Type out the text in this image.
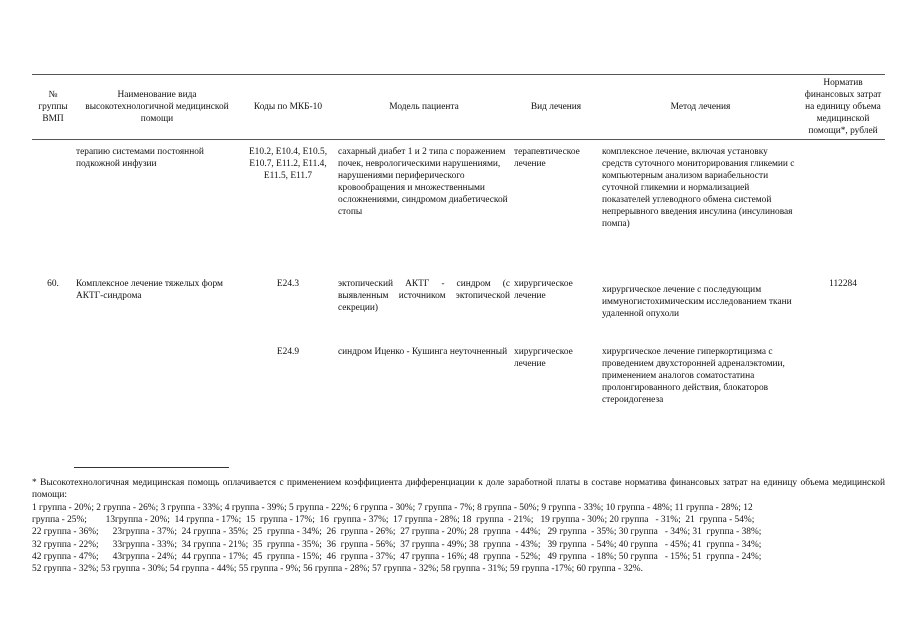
№ группы ВМП	Наименование вида высокотехнологичной медицинской помощи	Коды по МКБ-10	Модель пациента	Вид лечения	Метод лечения	Норматив финансовых затрат на единицу объема медицинской помощи*, рублей
	терапию системами постоянной подкожной инфузии	E10.2, E10.4, E10.5, E10.7, E11.2, E11.4, E11.5, E11.7	сахарный диабет 1 и 2 типа с поражением почек, неврологическими нарушениями, нарушениями периферического кровообращения и множественными осложнениями, синдромом диабетической стопы	терапевтическое лечение	комплексное лечение, включая установку средств суточного мониторирования гликемии с компьютерным анализом вариабельности суточной гликемии и нормализацией показателей углеводного обмена системой непрерывного введения инсулина (инсулиновая помпа)	
60.	Комплексное лечение тяжелых форм АКТГ-синдрома	E24.3	эктопический АКТГ - синдром (с выявленным источником эктопической секреции)	хирургическое лечение	хирургическое лечение с последующим иммуногистохимическим исследованием ткани удаленной опухоли	112284
		E24.9	синдром Иценко - Кушинга неуточненный	хирургическое лечение	хирургическое лечение гиперкортицизма с проведением двухсторонней адреналэктомии, применением аналогов соматостатина пролонгированного действия, блокаторов стероидогенеза	
* Высокотехнологичная медицинская помощь оплачивается с применением коэффициента дифференциации к доле заработной платы в составе норматива финансовых затрат на единицу объема медицинской помощи:
1 группа - 20%; 2 группа - 26%; 3 группа - 33%; 4 группа - 39%; 5 группа - 22%; 6 группа - 30%; 7 группа - 7%; 8 группа - 50%; 9 группа - 33%; 10 группа - 48%; 11 группа - 28%; 12
группа - 25%;        13группа - 20%;  14 группа - 17%;  15  группа - 17%;  16  группа - 37%;  17 группа - 28%; 18  группа  - 21%;   19 группа - 30%; 20 группа   - 31%;  21  группа - 54%;
22 группа - 36%;      23группа - 37%;  24 группа - 35%;  25  группа - 34%;  26  группа - 26%;  27 группа - 20%; 28  группа  - 44%;   29 группа  - 35%; 30 группа   - 34%; 31  группа - 38%;
32 группа - 22%;      33группа - 33%;  34 группа - 21%;  35  группа - 35%;  36  группа - 56%;  37 группа - 49%; 38  группа  - 43%;   39 группа  - 54%; 40 группа   - 45%; 41  группа - 34%;
42 группа - 47%;      43группа - 24%;  44 группа - 17%;  45  группа - 15%;  46  группа - 37%;  47 группа - 16%; 48  группа  - 52%;   49 группа  - 18%; 50 группа   - 15%; 51  группа - 24%;
52 группа - 32%; 53 группа - 30%; 54 группа - 44%; 55 группа - 9%; 56 группа - 28%; 57 группа - 32%; 58 группа - 31%; 59 группа -17%; 60 группа - 32%.
